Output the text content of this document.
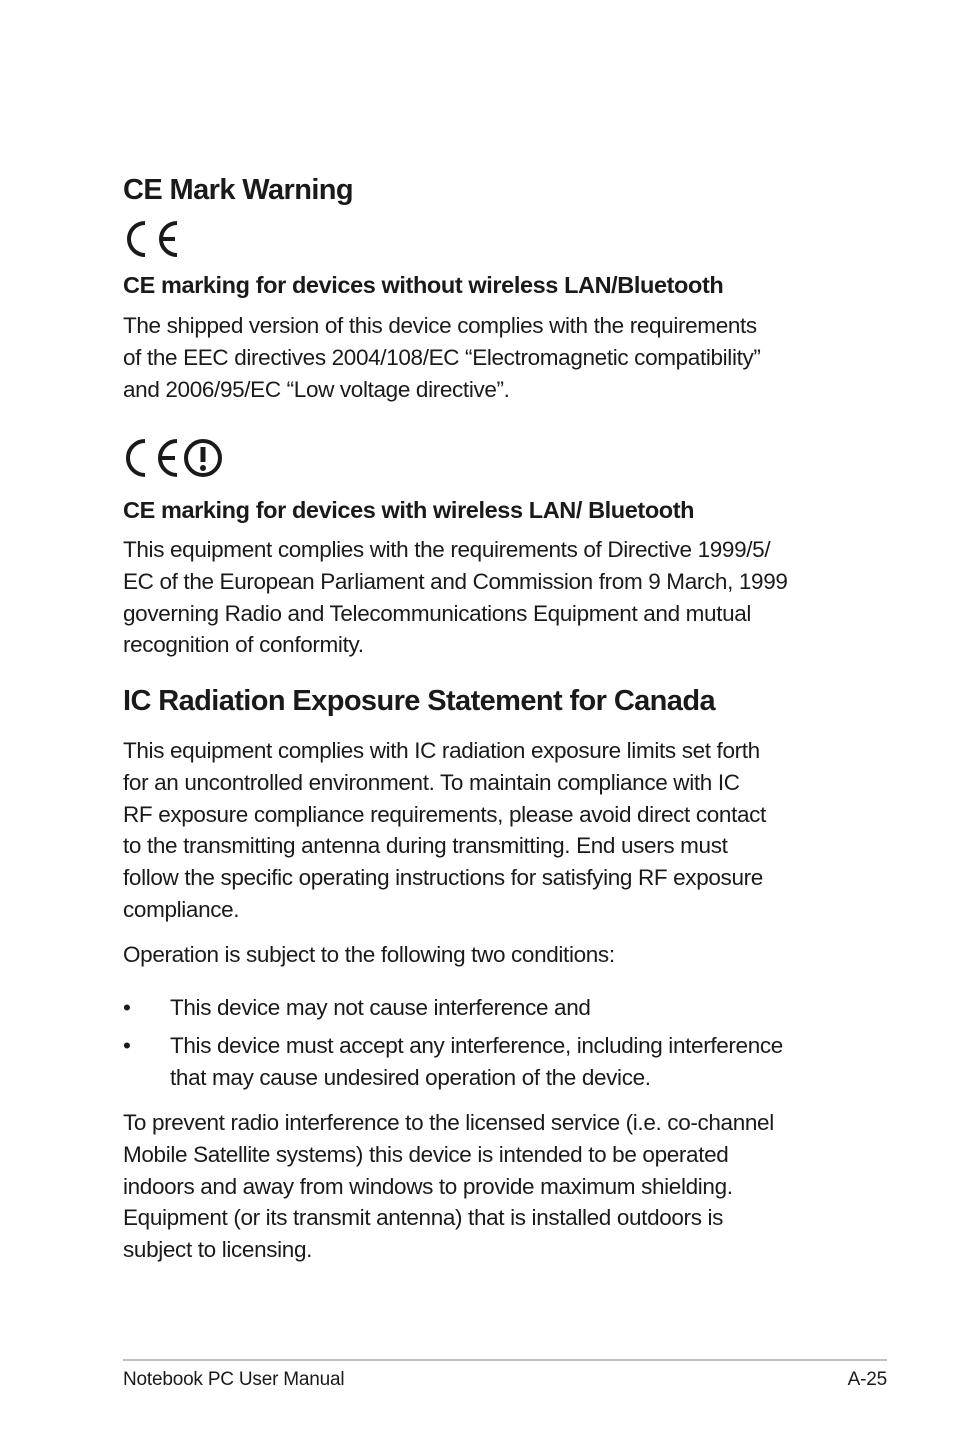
CE Mark Warning
CE marking for devices without wireless LAN/Bluetooth

The shipped version of this device complies with the requirements
of the EEC directives 2004/108/EC “Electromagnetic compatibility”
and 2006/95/EC “Low voltage directive”.

CE marking for devices with wireless LAN/ Bluetooth

This equipment complies with the requirements of Directive 1999/5/
EC of the European Parliament and Commission from 9 March, 1999
governing Radio and Telecommunications Equipment and mutual
recognition of conformity.

IC Radiation Exposure Statement for Canada

This equipment complies with IC radiation exposure limits set forth
for an uncontrolled environment. To maintain compliance with IC
RF exposure compliance requirements, please avoid direct contact
to the transmitting antenna during transmitting. End users must
follow the specific operating instructions for satisfying RF exposure
compliance.

Operation is subject to the following two conditions:

• This device may not cause interference and
• This device must accept any interference, including interference
that may cause undesired operation of the device.

To prevent radio interference to the licensed service (i.e. co-channel
Mobile Satellite systems) this device is intended to be operated
indoors and away from windows to provide maximum shielding.
Equipment (or its transmit antenna) that is installed outdoors is
subject to licensing.

Notebook PC User Manual	A-25
